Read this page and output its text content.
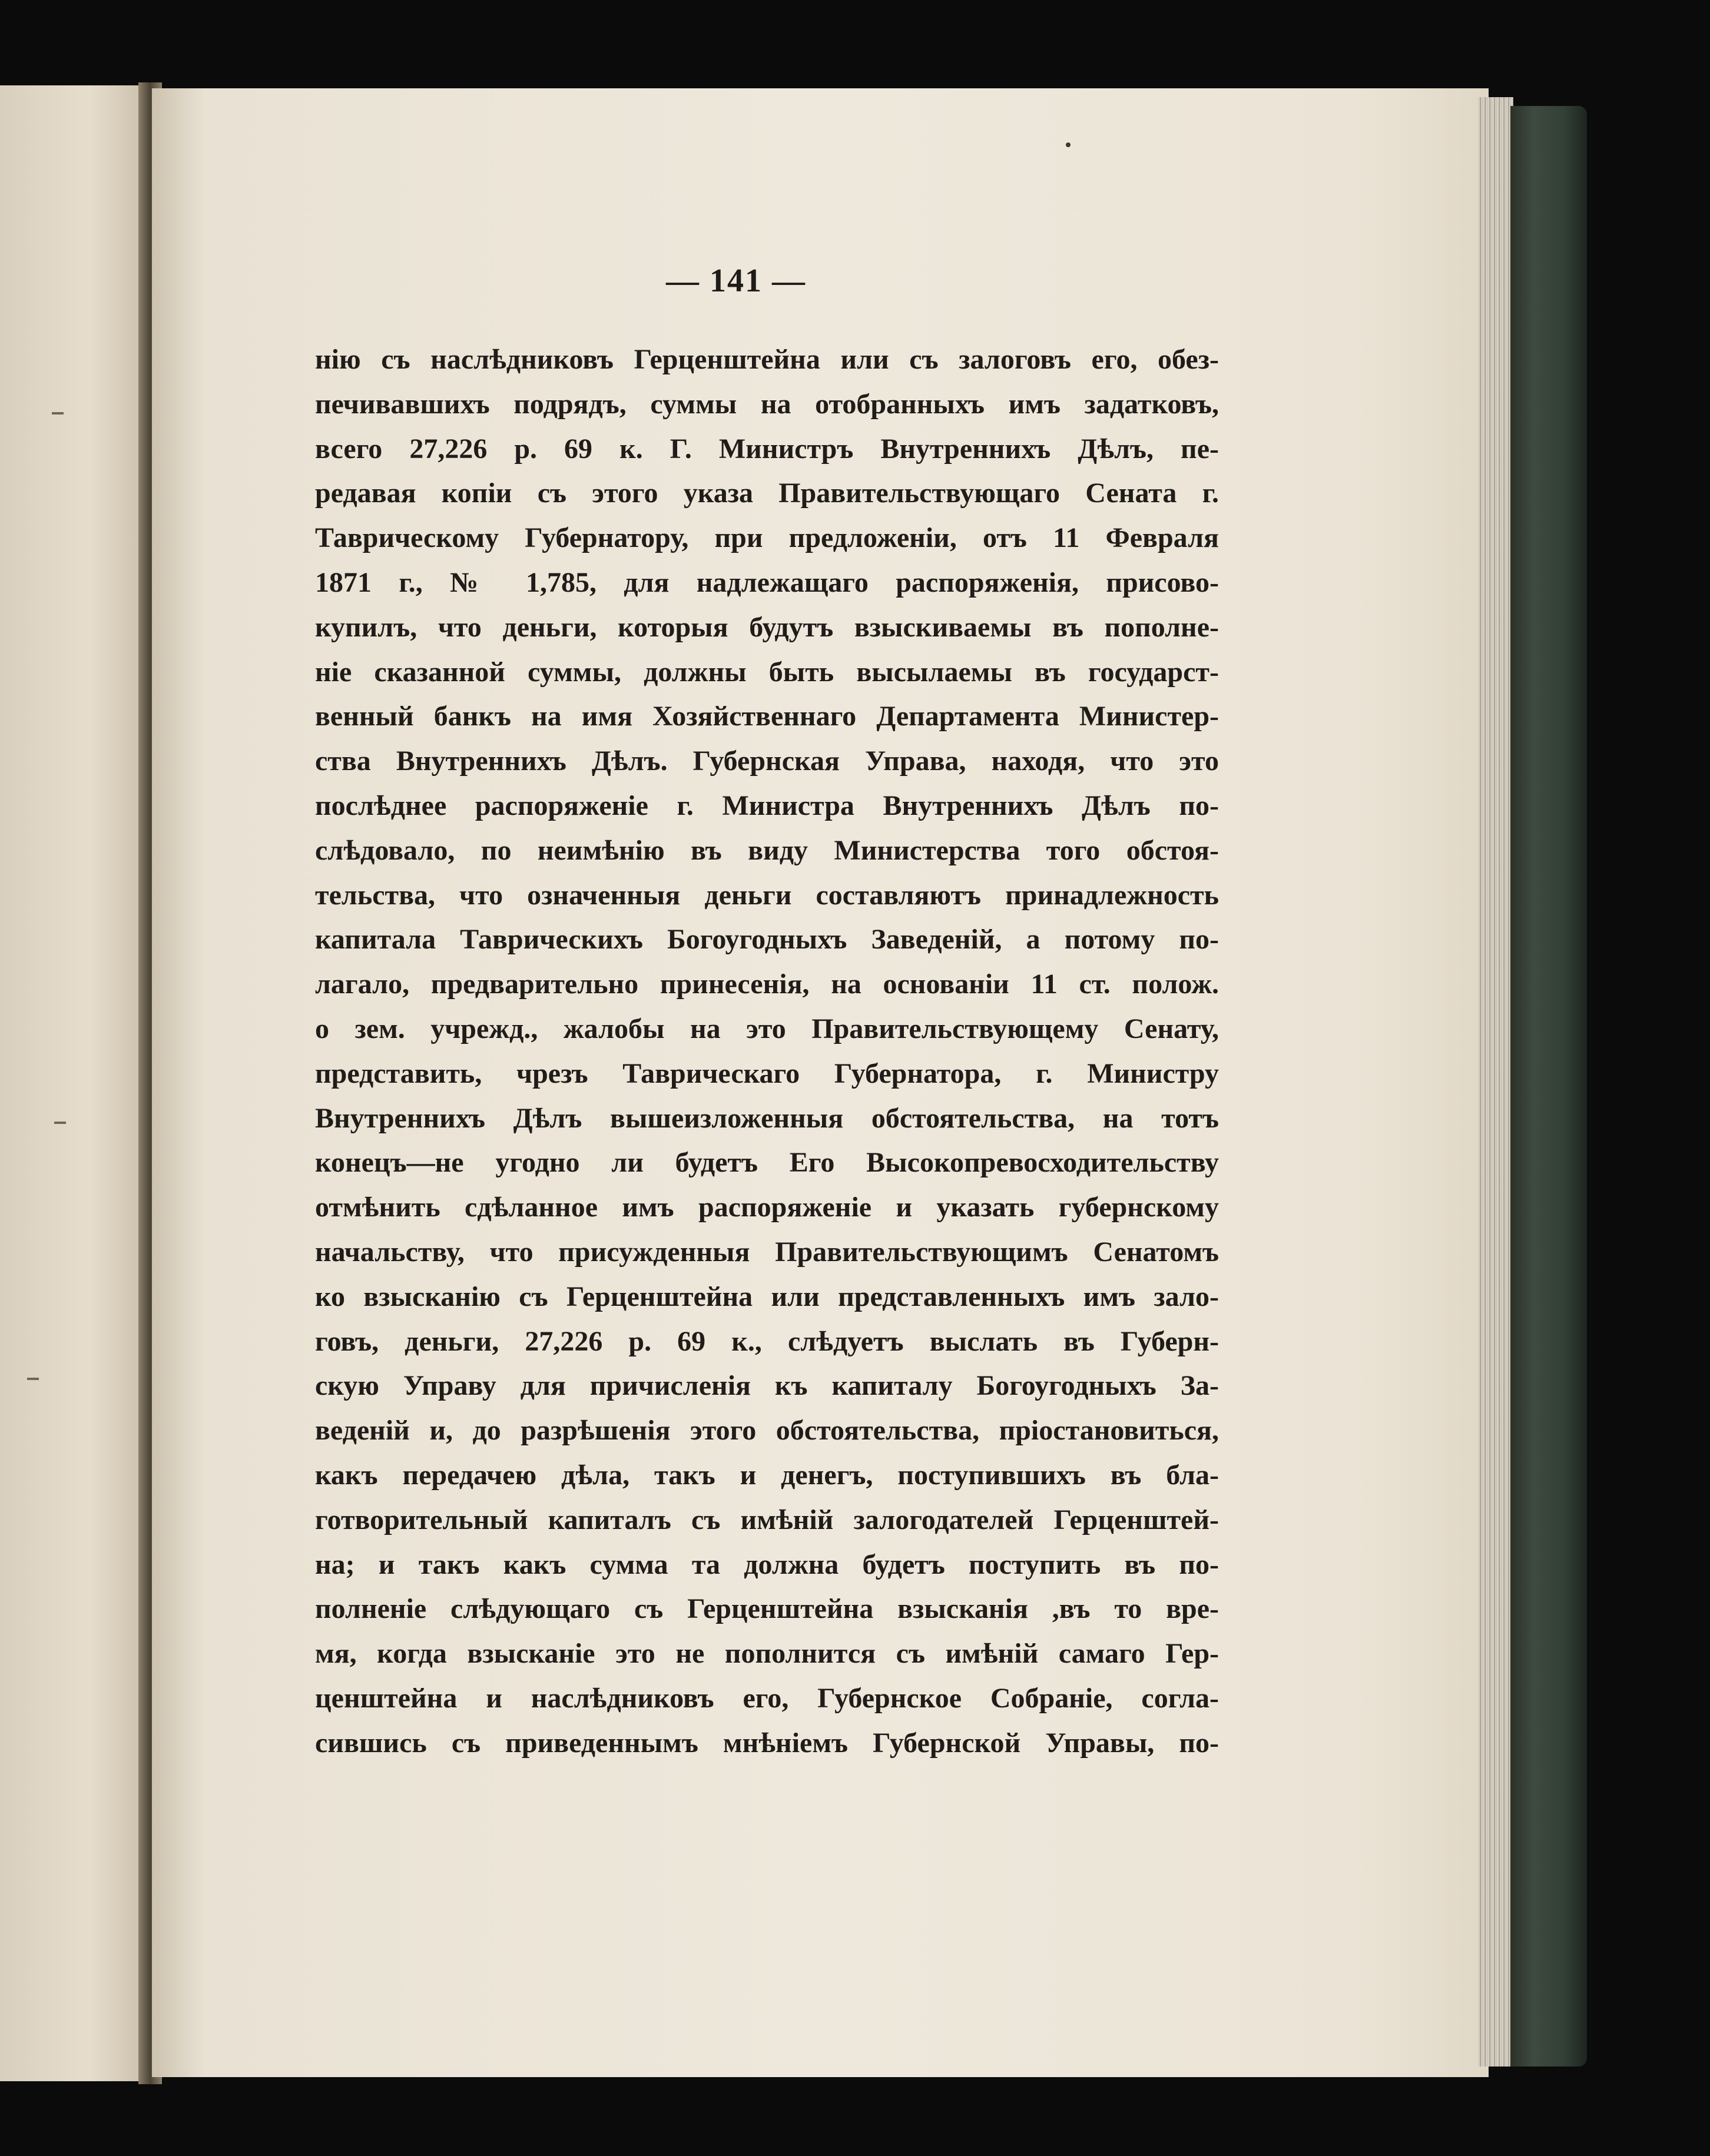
— 141 —
нію съ наслѣдниковъ Герценштейна или съ залоговъ его, обез-
печивавшихъ подрядъ, суммы на отобранныхъ имъ задатковъ,
всего 27,226 р. 69 к. Г. Министръ Внутреннихъ Дѣлъ, пе-
редавая копіи съ этого указа Правительствующаго Сената г.
Таврическому Губернатору, при предложеніи, отъ 11 Февраля
1871 г., № 1,785, для надлежащаго распоряженія, присово-
купилъ, что деньги, которыя будутъ взыскиваемы въ пополне-
ніе сказанной суммы, должны быть высылаемы въ государст-
венный банкъ на имя Хозяйственнаго Департамента Министер-
ства Внутреннихъ Дѣлъ. Губернская Управа, находя, что это
послѣднее распоряженіе г. Министра Внутреннихъ Дѣлъ по-
слѣдовало, по неимѣнію въ виду Министерства того обстоя-
тельства, что означенныя деньги составляютъ принадлежность
капитала Таврическихъ Богоугодныхъ Заведеній, а потому по-
лагало, предварительно принесенія, на основаніи 11 ст. полож.
о зем. учрежд., жалобы на это Правительствующему Сенату,
представить, чрезъ Таврическаго Губернатора, г. Министру
Внутреннихъ Дѣлъ вышеизложенныя обстоятельства, на тотъ
конецъ—не угодно ли будетъ Его Высокопревосходительству
отмѣнить сдѣланное имъ распоряженіе и указать губернскому
начальству, что присужденныя Правительствующимъ Сенатомъ
ко взысканію съ Герценштейна или представленныхъ имъ зало-
говъ, деньги, 27,226 р. 69 к., слѣдуетъ выслать въ Губерн-
скую Управу для причисленія къ капиталу Богоугодныхъ За-
веденій и, до разрѣшенія этого обстоятельства, пріостановиться,
какъ передачею дѣла, такъ и денегъ, поступившихъ въ бла-
готворительный капиталъ съ имѣній залогодателей Герценштей-
на; и такъ какъ сумма та должна будетъ поступить въ по-
полненіе слѣдующаго съ Герценштейна взысканія ,въ то вре-
мя, когда взысканіе это не пополнится съ имѣній самаго Гер-
ценштейна и наслѣдниковъ его, Губернское Собраніе, согла-
сившись съ приведеннымъ мнѣніемъ Губернской Управы, по-
